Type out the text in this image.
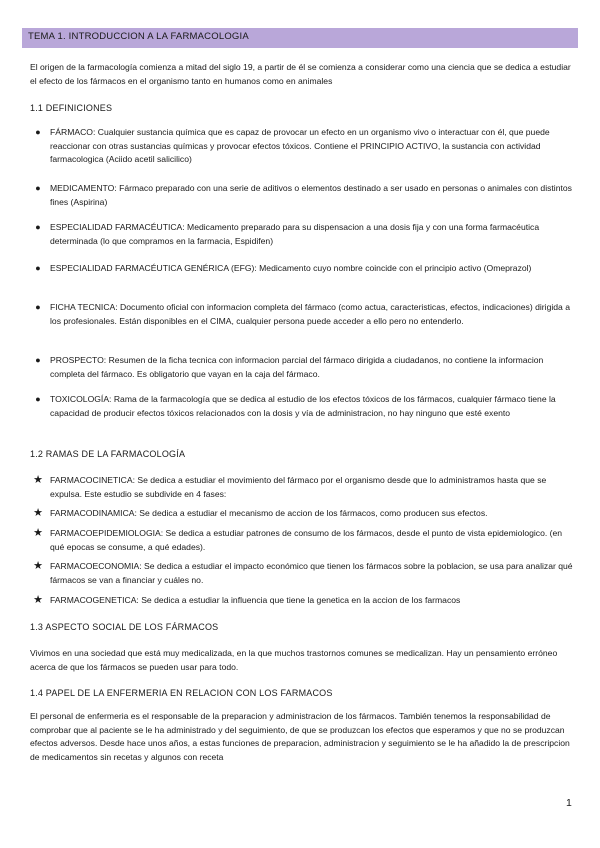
TEMA 1. INTRODUCCION A LA FARMACOLOGIA
El origen de la farmacología comienza a mitad del siglo 19, a partir de él se comienza a considerar como una ciencia que se dedica a estudiar el efecto de los fármacos en el organismo tanto en humanos como en animales
1.1 DEFINICIONES
●	FÁRMACO: Cualquier sustancia química que es capaz de provocar un efecto en un organismo vivo o interactuar con él, que puede reaccionar con otras sustancias químicas y provocar efectos tóxicos. Contiene el PRINCIPIO ACTIVO, la sustancia con actividad farmacologica (Aciido acetil salicilico)
●	MEDICAMENTO: Fármaco preparado con una serie de aditivos o elementos destinado a ser usado en personas o animales con distintos fines (Aspirina)
●	ESPECIALIDAD FARMACÉUTICA: Medicamento preparado para su dispensacion a una dosis fija y con una forma farmacéutica determinada (lo que compramos en la farmacia, Espidifen)
●	ESPECIALIDAD FARMACÉUTICA GENÉRICA (EFG): Medicamento cuyo nombre coincide con el principio activo (Omeprazol)
●	FICHA TECNICA: Documento oficial con informacion completa del fármaco (como actua, caracteristicas, efectos, indicaciones) dirigida a los profesionales. Están disponibles en el CIMA, cualquier persona puede acceder a ello pero no entenderlo.
●	PROSPECTO: Resumen de la ficha tecnica con informacion parcial del fármaco dirigida a ciudadanos, no contiene la informacion completa del fármaco. Es obligatorio que vayan en la caja del fármaco.
●	TOXICOLOGÍA: Rama de la farmacología que se dedica al estudio de los efectos tóxicos de los fármacos, cualquier fármaco tiene la capacidad de producir efectos tóxicos relacionados con la dosis y vía de administracion, no hay ninguno que esté exento
1.2 RAMAS DE LA FARMACOLOGÍA
★ FARMACOCINETICA: Se dedica a estudiar el movimiento del fármaco por el organismo desde que lo administramos hasta que se expulsa. Este estudio se subdivide en 4 fases:
★ FARMACODINAMICA: Se dedica a estudiar el mecanismo de accion de los fármacos, como producen sus efectos.
★ FARMACOEPIDEMIOLOGIA: Se dedica a estudiar patrones de consumo de los fármacos, desde el punto de vista epidemiologico. (en qué epocas se consume, a qué edades).
★ FARMACOECONOMIA: Se dedica a estudiar el impacto económico que tienen los fármacos sobre la poblacion, se usa para analizar qué fármacos se van a financiar y cuáles no.
★ FARMACOGENETICA: Se dedica a estudiar la influencia que tiene la genetica en la accion de los farmacos
1.3 ASPECTO SOCIAL DE LOS FÁRMACOS
Vivimos en una sociedad que está muy medicalizada, en la que muchos trastornos comunes se medicalizan. Hay un pensamiento erróneo acerca de que los fármacos se pueden usar para todo.
1.4 PAPEL DE LA ENFERMERIA EN RELACION CON LOS FARMACOS
El personal de enfermeria es el responsable de la preparacion y administracion de los fármacos. También tenemos la responsabilidad de comprobar que al paciente se le ha administrado y del seguimiento, de que se produzcan los efectos que esperamos y que no se produzcan efectos adversos. Desde hace unos años, a estas funciones de preparacion, administracion y seguimiento se le ha añadido la de prescripcion de medicamentos sin recetas y algunos con receta
1
